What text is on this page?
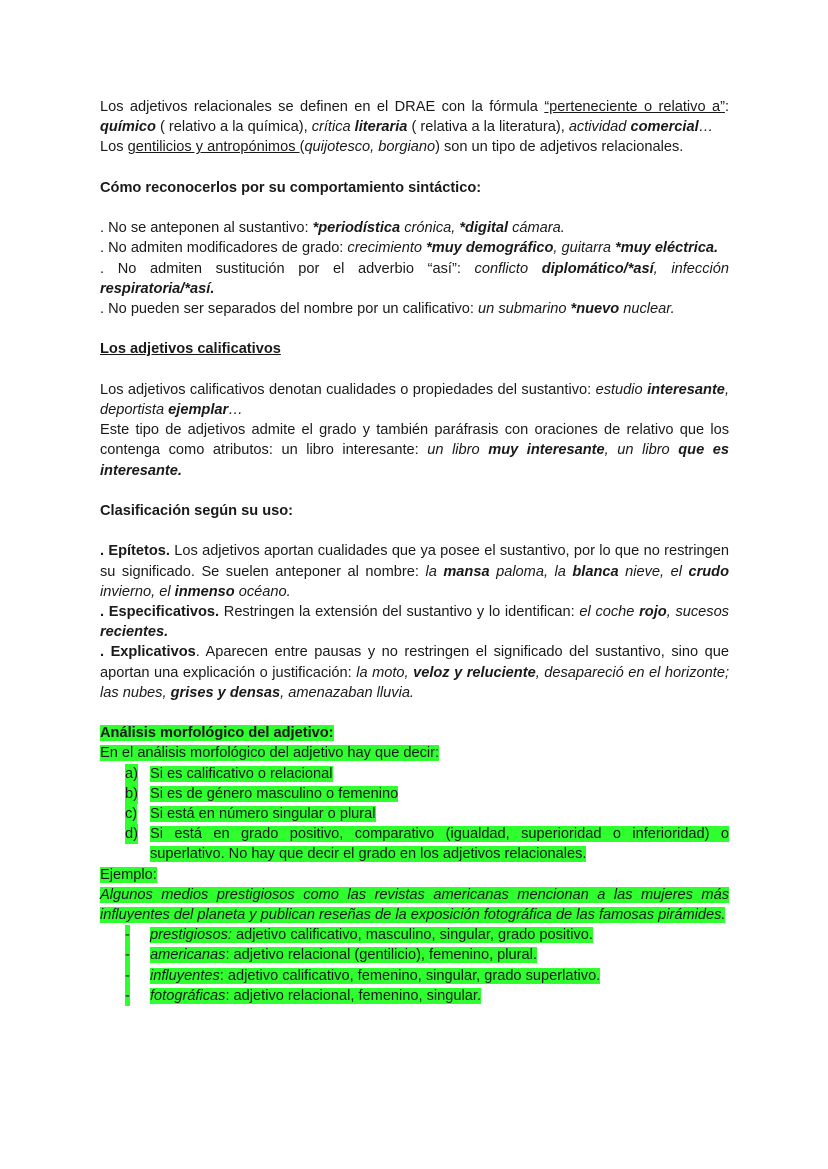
Los adjetivos relacionales se definen en el DRAE con la fórmula “perteneciente o relativo a”: químico ( relativo a la química), crítica literaria ( relativa a la literatura), actividad comercial…

Los gentilicios y antropónimos (quijotesco, borgiano) son un tipo de adjetivos relacionales.

Cómo reconocerlos por su comportamiento sintáctico:

. No se anteponen al sustantivo: *periodística crónica, *digital cámara.

. No admiten modificadores de grado: crecimiento *muy demográfico, guitarra *muy eléctrica.

. No admiten sustitución por el adverbio “así”: conflicto diplomático/*así, infección respiratoria/*así.

. No pueden ser separados del nombre por un calificativo: un submarino *nuevo nuclear.

Los adjetivos calificativos

Los adjetivos calificativos denotan cualidades o propiedades del sustantivo: estudio interesante, deportista ejemplar…

Este tipo de adjetivos admite el grado y también paráfrasis con oraciones de relativo que los contenga como atributos: un libro interesante: un libro muy interesante, un libro que es interesante.

Clasificación según su uso:

. Epítetos. Los adjetivos aportan cualidades que ya posee el sustantivo, por lo que no restringen su significado. Se suelen anteponer al nombre: la mansa paloma, la blanca nieve, el crudo invierno, el inmenso océano.

. Especificativos. Restringen la extensión del sustantivo y lo identifican: el coche rojo, sucesos recientes.

. Explicativos. Aparecen entre pausas y no restringen el significado del sustantivo, sino que aportan una explicación o justificación: la moto, veloz y reluciente, desapareció en el horizonte; las nubes, grises y densas, amenazaban lluvia.

Análisis morfológico del adjetivo:

En el análisis morfológico del adjetivo hay que decir:

a) Si es calificativo o relacional
b) Si es de género masculino o femenino
c) Si está en número singular o plural
d) Si está en grado positivo, comparativo (igualdad, superioridad o inferioridad) o superlativo. No hay que decir el grado en los adjetivos relacionales.

Ejemplo:

Algunos medios prestigiosos como las revistas americanas mencionan a las mujeres más influyentes del planeta y publican reseñas de la exposición fotográfica de las famosas pirámides.

- prestigiosos: adjetivo calificativo, masculino, singular, grado positivo.
- americanas: adjetivo relacional (gentilicio), femenino, plural.
- influyentes: adjetivo calificativo, femenino, singular, grado superlativo.
- fotográficas: adjetivo relacional, femenino, singular.
